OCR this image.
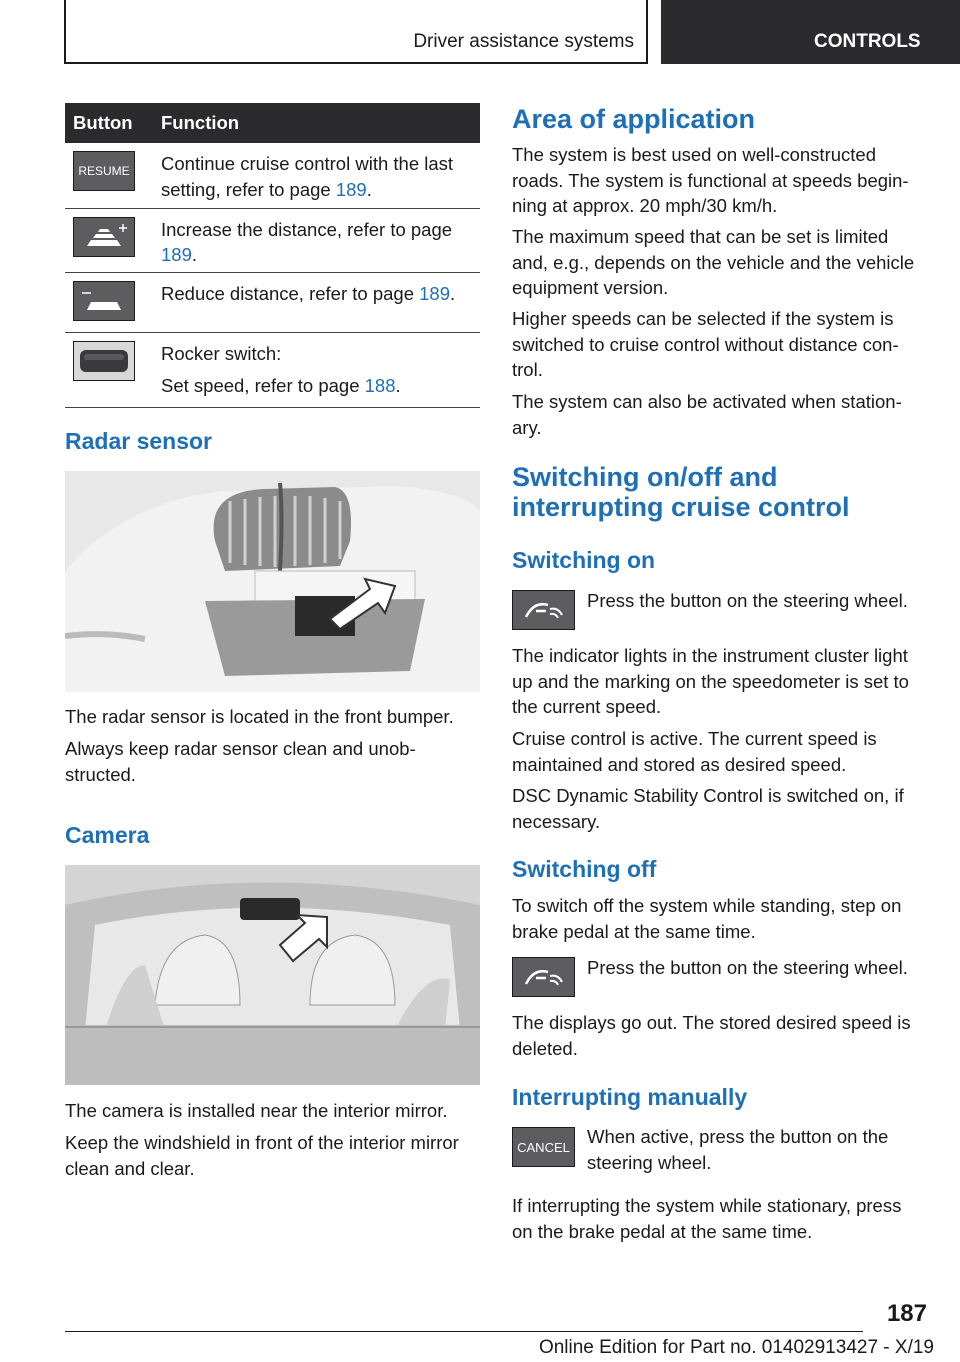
Driver assistance systems	CONTROLS
Button	Function

RESUME	Continue cruise control with the last setting, refer to page 189.

Increase the distance, refer to page 189.

Reduce distance, refer to page 189.

Rocker switch:
Set speed, refer to page 188.
Radar sensor

The radar sensor is located in the front bumper.

Always keep radar sensor clean and unob‐structed.

Camera

The camera is installed near the interior mirror.

Keep the windshield in front of the interior mirror clean and clear.

Area of application

The system is best used on well-constructed roads. The system is functional at speeds begin‐ning at approx. 20 mph/30 km/h.

The maximum speed that can be set is limited and, e.g., depends on the vehicle and the vehicle equipment version.

Higher speeds can be selected if the system is switched to cruise control without distance con‐trol.

The system can also be activated when station‐ary.

Switching on/off and interrupting cruise control
Switching on

Press the button on the steering wheel.

The indicator lights in the instrument cluster light up and the marking on the speedometer is set to the current speed.

Cruise control is active. The current speed is maintained and stored as desired speed.

DSC Dynamic Stability Control is switched on, if necessary.

Switching off

To switch off the system while standing, step on brake pedal at the same time.

Press the button on the steering wheel.

The displays go out. The stored desired speed is deleted.

Interrupting manually
CANCEL When active, press the button on the steering wheel.

If interrupting the system while stationary, press on the brake pedal at the same time.

187
Online Edition for Part no. 01402913427 - X/19
